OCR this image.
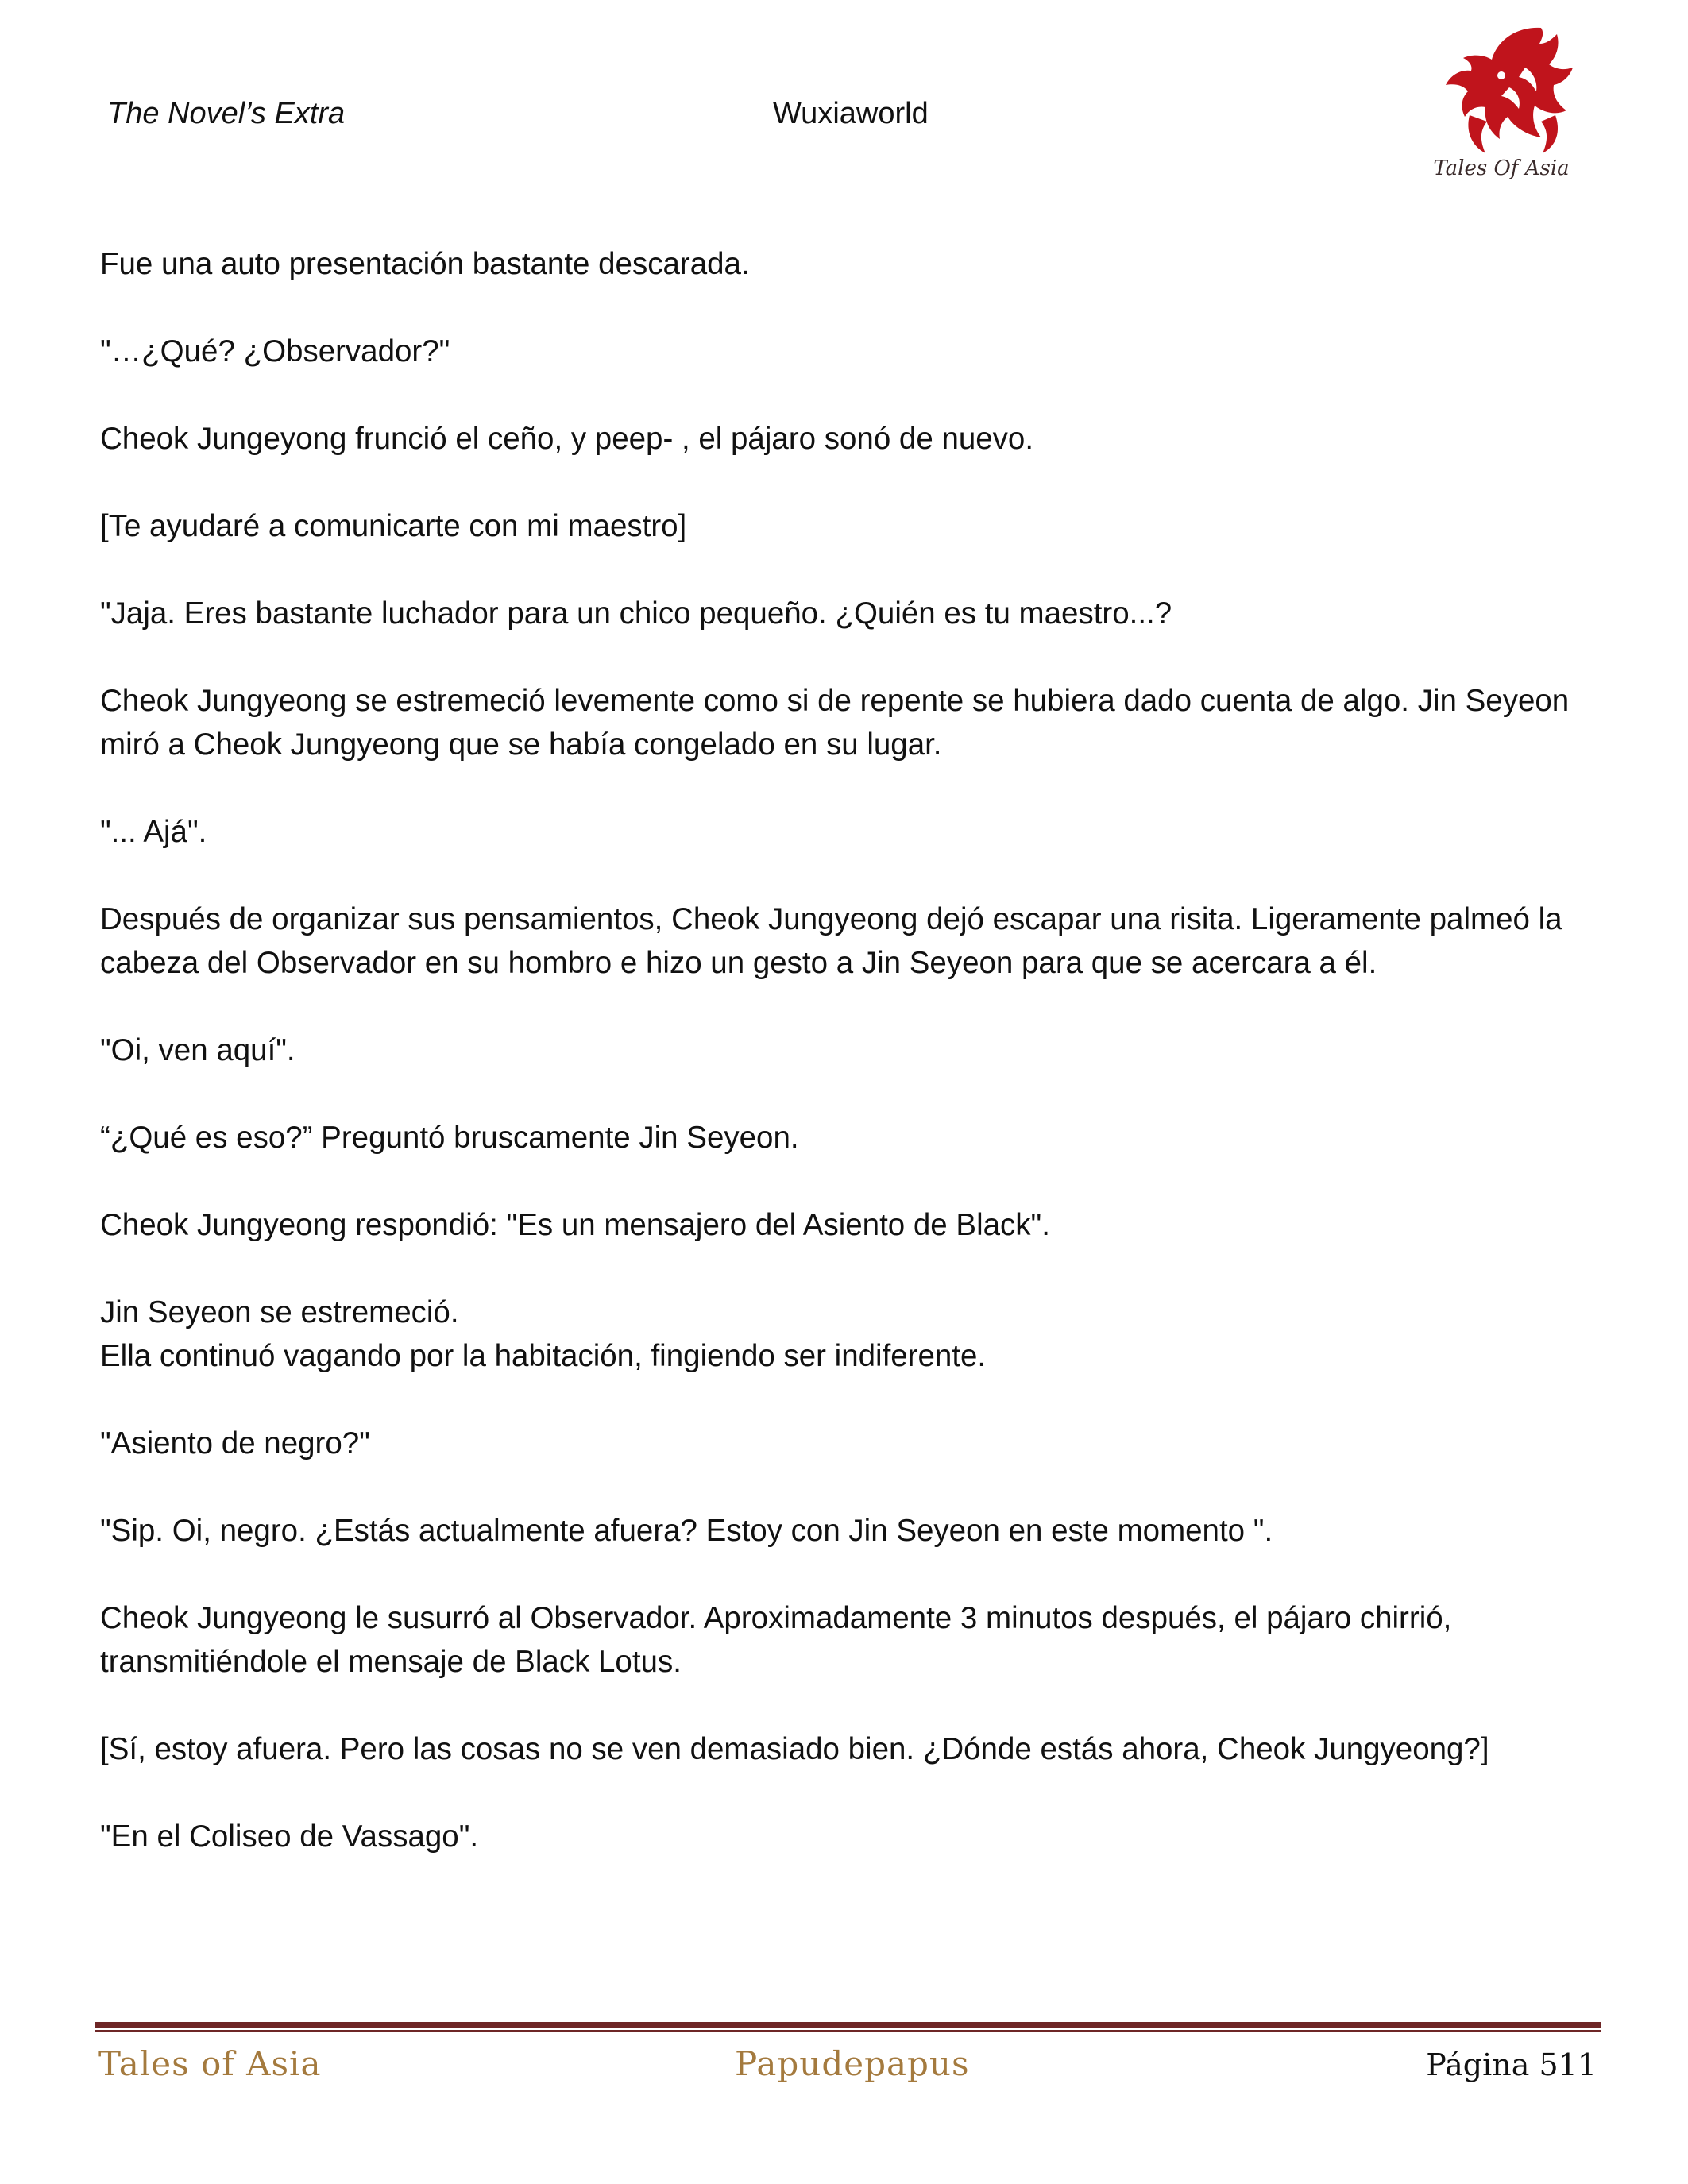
The Novel’s Extra	Wuxiaworld
Tales Of Asia

Fue una auto presentación bastante descarada.

"…¿Qué? ¿Observador?"

Cheok Jungeyong frunció el ceño, y peep- , el pájaro sonó de nuevo.

[Te ayudaré a comunicarte con mi maestro]

"Jaja. Eres bastante luchador para un chico pequeño. ¿Quién es tu maestro...?

Cheok Jungyeong se estremeció levemente como si de repente se hubiera dado cuenta de algo. Jin Seyeon miró a Cheok Jungyeong que se había congelado en su lugar.

"... Ajá".

Después de organizar sus pensamientos, Cheok Jungyeong dejó escapar una risita. Ligeramente palmeó la cabeza del Observador en su hombro e hizo un gesto a Jin Seyeon para que se acercara a él.

"Oi, ven aquí".

“¿Qué es eso?” Preguntó bruscamente Jin Seyeon.

Cheok Jungyeong respondió: "Es un mensajero del Asiento de Black".

Jin Seyeon se estremeció.

Ella continuó vagando por la habitación, fingiendo ser indiferente.

"Asiento de negro?"

"Sip. Oi, negro. ¿Estás actualmente afuera? Estoy con Jin Seyeon en este momento ".

Cheok Jungyeong le susurró al Observador. Aproximadamente 3 minutos después, el pájaro chirrió, transmitiéndole el mensaje de Black Lotus.

[Sí, estoy afuera. Pero las cosas no se ven demasiado bien. ¿Dónde estás ahora, Cheok Jungyeong?]

"En el Coliseo de Vassago".

Tales of Asia	Papudepapus	Página 511
